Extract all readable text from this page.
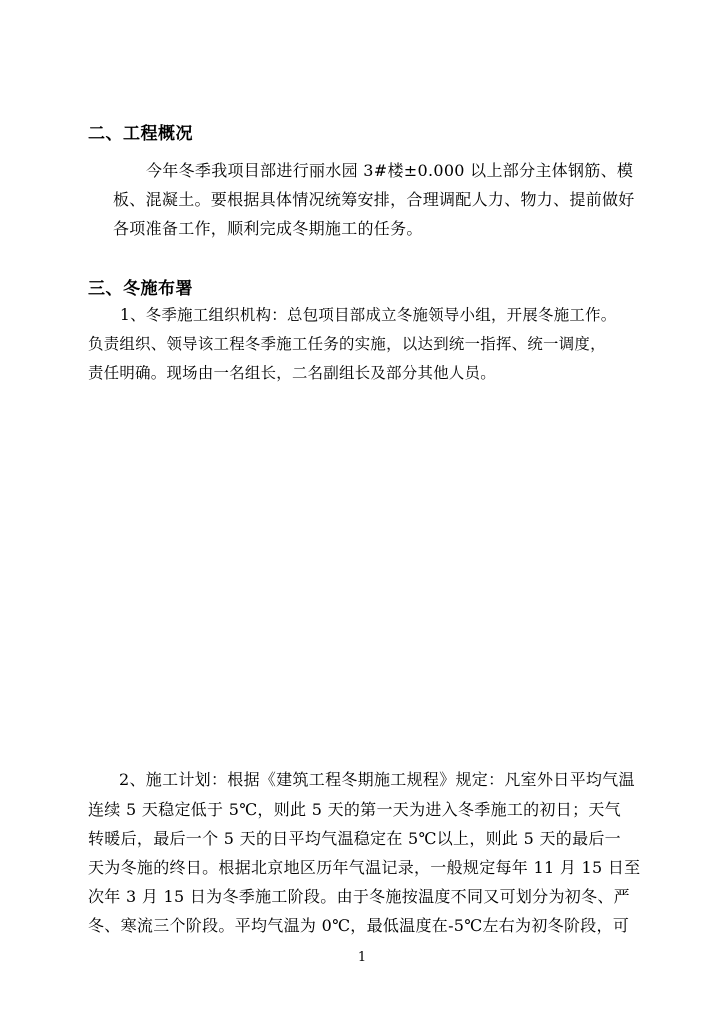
二、工程概况
今年冬季我项目部进行丽水园 3#楼±0.000 以上部分主体钢筋、模
板、混凝土。要根据具体情况统筹安排，合理调配人力、物力、提前做好
各项准备工作，顺利完成冬期施工的任务。
三、冬施布署
1、冬季施工组织机构：总包项目部成立冬施领导小组，开展冬施工作。
负责组织、领导该工程冬季施工任务的实施，以达到统一指挥、统一调度，
责任明确。现场由一名组长，二名副组长及部分其他人员。
2、施工计划：根据《建筑工程冬期施工规程》规定：凡室外日平均气温
连续 5 天稳定低于 5℃，则此 5 天的第一天为进入冬季施工的初日；天气
转暖后，最后一个 5 天的日平均气温稳定在 5℃以上，则此 5 天的最后一
天为冬施的终日。根据北京地区历年气温记录，一般规定每年 11 月 15 日至
次年 3 月 15 日为冬季施工阶段。由于冬施按温度不同又可划分为初冬、严
冬、寒流三个阶段。平均气温为 0℃，最低温度在-5℃左右为初冬阶段，可
1
